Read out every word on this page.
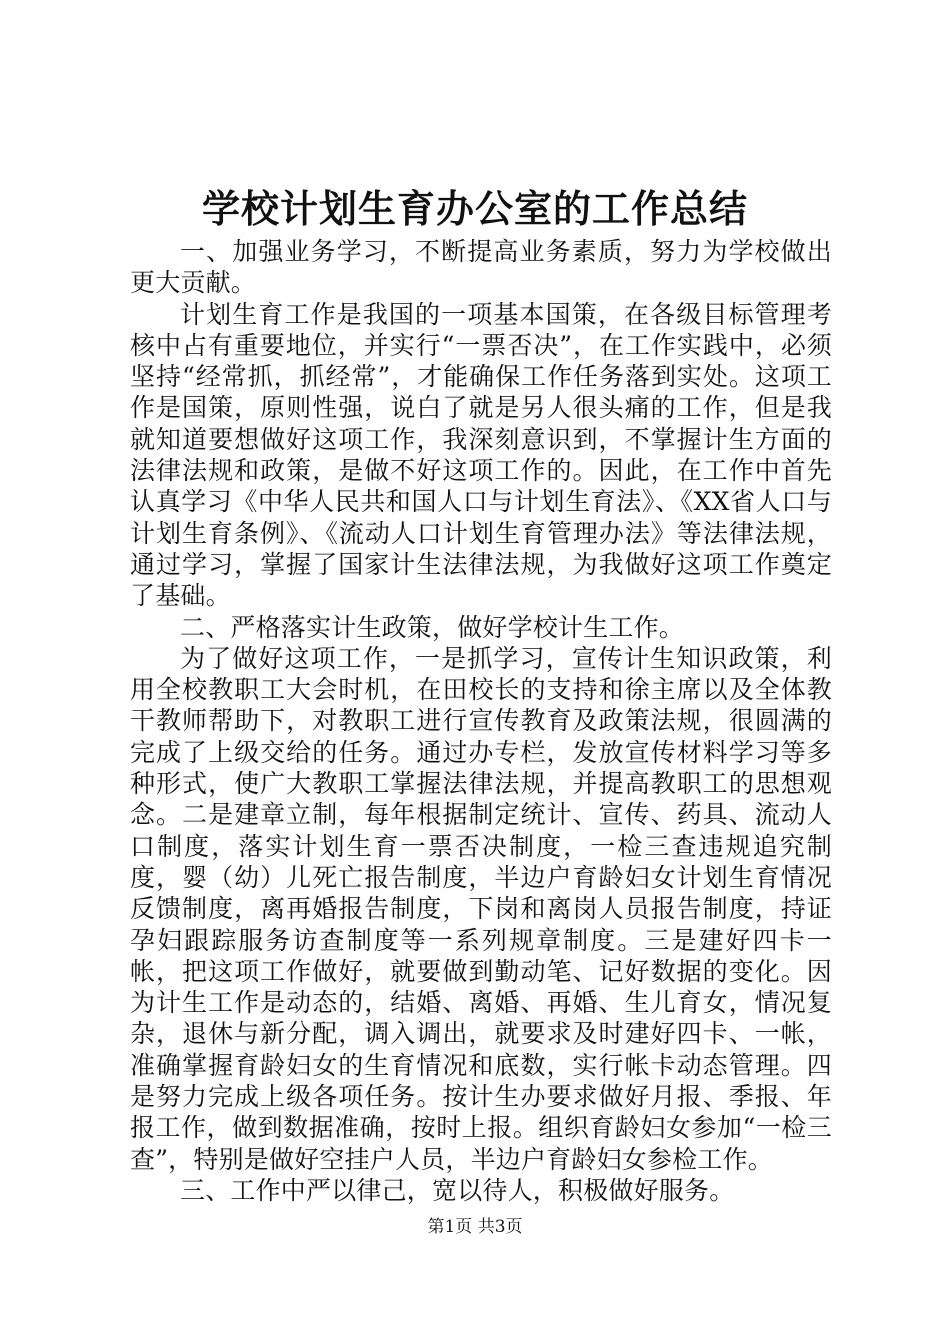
学校计划生育办公室的工作总结

一、加强业务学习，不断提高业务素质，努力为学校做出更大贡献。

计划生育工作是我国的一项基本国策，在各级目标管理考核中占有重要地位，并实行“一票否决”，在工作实践中，必须坚持“经常抓，抓经常”，才能确保工作任务落到实处。这项工作是国策，原则性强，说白了就是另人很头痛的工作，但是我就知道要想做好这项工作，我深刻意识到，不掌握计生方面的法律法规和政策，是做不好这项工作的。因此，在工作中首先认真学习《中华人民共和国人口与计划生育法》、《XX省人口与计划生育条例》、《流动人口计划生育管理办法》等法律法规，通过学习，掌握了国家计生法律法规，为我做好这项工作奠定了基础。

二、严格落实计生政策，做好学校计生工作。

为了做好这项工作，一是抓学习，宣传计生知识政策，利用全校教职工大会时机，在田校长的支持和徐主席以及全体教干教师帮助下，对教职工进行宣传教育及政策法规，很圆满的完成了上级交给的任务。通过办专栏，发放宣传材料学习等多种形式，使广大教职工掌握法律法规，并提高教职工的思想观念。二是建章立制，每年根据制定统计、宣传、药具、流动人口制度，落实计划生育一票否决制度，一检三查违规追究制度，婴（幼）儿死亡报告制度，半边户育龄妇女计划生育情况反馈制度，离再婚报告制度，下岗和离岗人员报告制度，持证孕妇跟踪服务访查制度等一系列规章制度。三是建好四卡一帐，把这项工作做好，就要做到勤动笔、记好数据的变化。因为计生工作是动态的，结婚、离婚、再婚、生儿育女，情况复杂，退休与新分配，调入调出，就要求及时建好四卡、一帐，准确掌握育龄妇女的生育情况和底数，实行帐卡动态管理。四是努力完成上级各项任务。按计生办要求做好月报、季报、年报工作，做到数据准确，按时上报。组织育龄妇女参加“一检三查”，特别是做好空挂户人员，半边户育龄妇女参检工作。

三、工作中严以律己，宽以待人，积极做好服务。

第1页 共3页
